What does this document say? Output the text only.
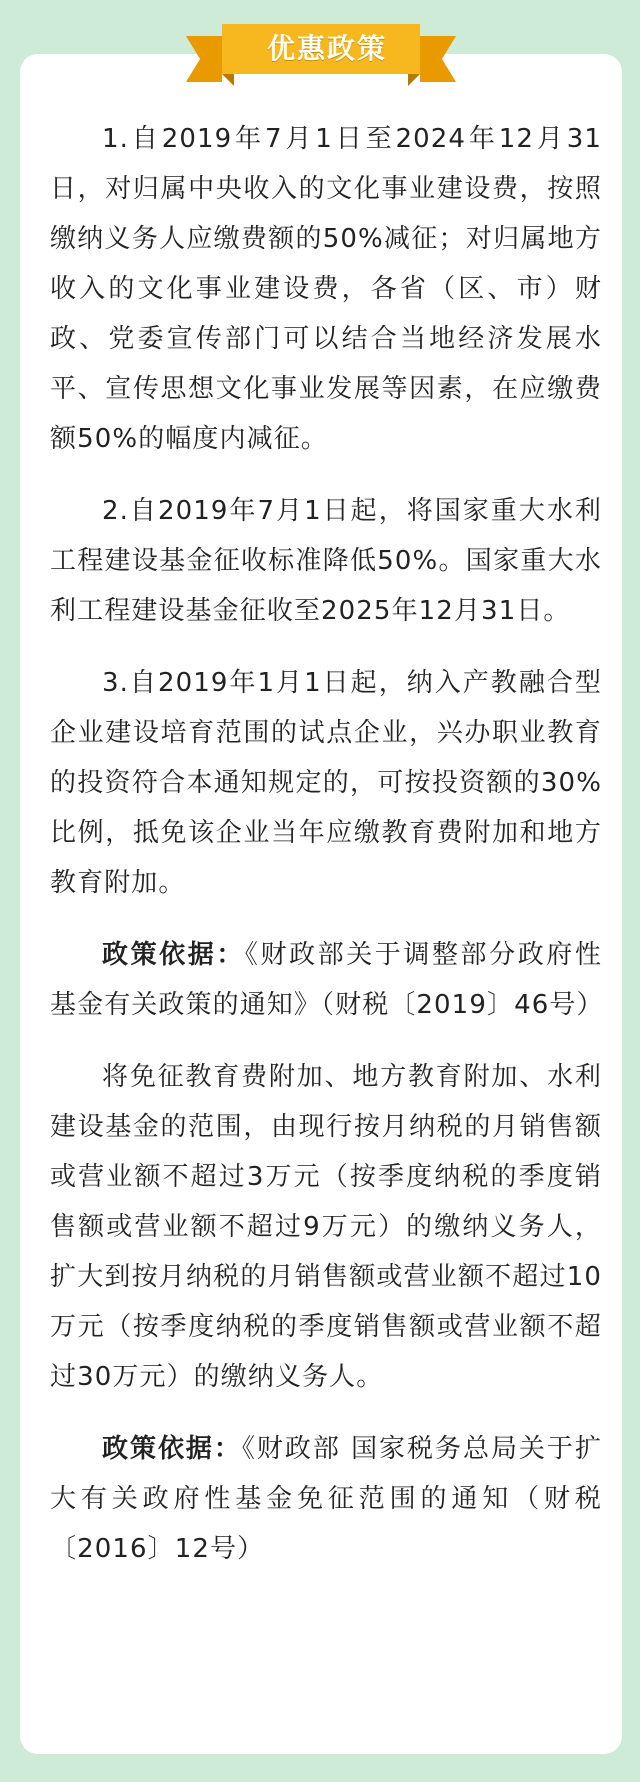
优惠政策

1.自2019年7月1日至2024年12月31日，对归属中央收入的文化事业建设费，按照缴纳义务人应缴费额的50%减征；对归属地方收入的文化事业建设费，各省（区、市）财政、党委宣传部门可以结合当地经济发展水平、宣传思想文化事业发展等因素，在应缴费额50%的幅度内减征。

2.自2019年7月1日起，将国家重大水利工程建设基金征收标准降低50%。国家重大水利工程建设基金征收至2025年12月31日。

3.自2019年1月1日起，纳入产教融合型企业建设培育范围的试点企业，兴办职业教育的投资符合本通知规定的，可按投资额的30%比例，抵免该企业当年应缴教育费附加和地方教育附加。

政策依据：《财政部关于调整部分政府性基金有关政策的通知》（财税〔2019〕46号）

将免征教育费附加、地方教育附加、水利建设基金的范围，由现行按月纳税的月销售额或营业额不超过3万元（按季度纳税的季度销售额或营业额不超过9万元）的缴纳义务人，扩大到按月纳税的月销售额或营业额不超过10万元（按季度纳税的季度销售额或营业额不超过30万元）的缴纳义务人。

政策依据：《财政部 国家税务总局关于扩大有关政府性基金免征范围的通知（财税〔2016〕12号）
